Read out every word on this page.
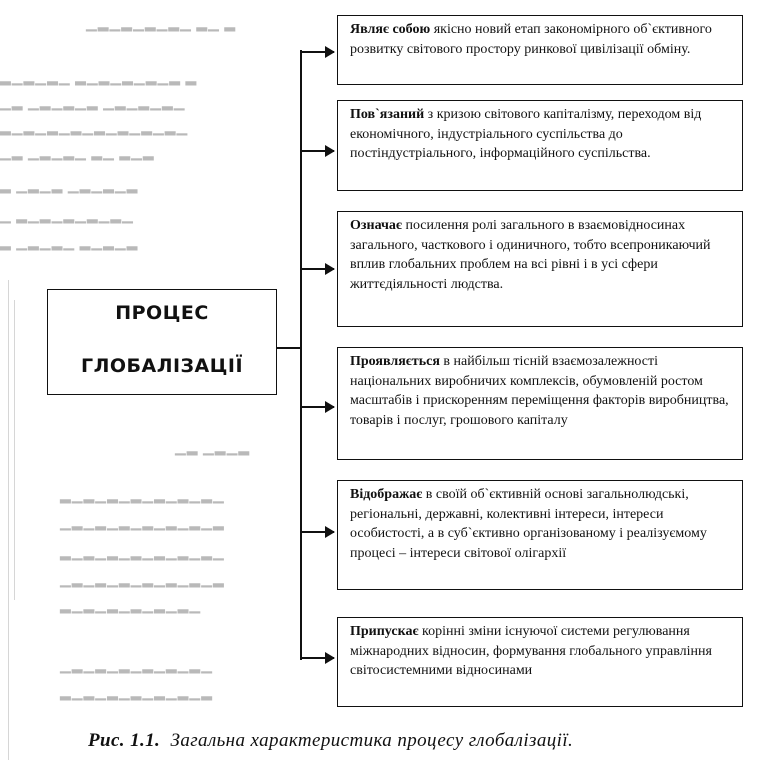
▁▂▁▂▁▂▁▂▁ ▂▁ ▂
▂▁▂▁▂▁ ▂▁▂▁▂▁▂▁▂ ▂
▁▂ ▁▂▁▂▁▂ ▁▂▁▂▁▂▁
▂▁▂▁▂▁▂▁▂▁▂▁▂▁▂▁
▁▂ ▁▂▁▂▁ ▂▁ ▂▁▂
▂ ▁▂▁▂ ▁▂▁▂▁▂
▁ ▂▁▂▁▂▁▂▁▂▁
▂ ▁▂▁▂▁ ▂▁▂▁▂
▁▂ ▁▂▁▂
▂▁▂▁▂▁▂▁▂▁▂▁▂▁
▁▂▁▂▁▂▁▂▁▂▁▂▁▂
▂▁▂▁▂▁▂▁▂▁▂▁▂▁
▁▂▁▂▁▂▁▂▁▂▁▂▁▂
▂▁▂▁▂▁▂▁▂▁▂▁
▁▂▁▂▁▂▁▂▁▂▁▂▁
▂▁▂▁▂▁▂▁▂▁▂▁▂
ПРОЦЕС
ГЛОБАЛІЗАЦІЇ
Являє собою якісно новий етап закономірного об`єктивного розвитку світового простору ринкової цивілізації обміну.
Пов`язаний з кризою світового капіталізму, переходом від економічного, індустріального суспільства до постіндустріального, інформаційного суспільства.
Означає посилення ролі загального в взаємовідносинах загального, часткового і одиничного, тобто всепроникаючий вплив глобальних проблем на всі рівні і в усі сфери життєдіяльності людства.
Проявляється в найбільш тісній взаємозалежності національних виробничих комплексів, обумовленій ростом масштабів і прискоренням переміщення факторів виробництва, товарів і послуг, грошового капіталу
Відображає в своїй об`єктивній основі загальнолюдські, регіональні, державні, колективні інтереси, інтереси особистості, а в суб`єктивно організованому і реалізуємому процесі – інтереси світової олігархії
Припускає корінні зміни існуючої системи регулювання міжнародних відносин, формування глобального управління світосистемними відносинами
Рис. 1.1. Загальна характеристика процесу глобалізації.
